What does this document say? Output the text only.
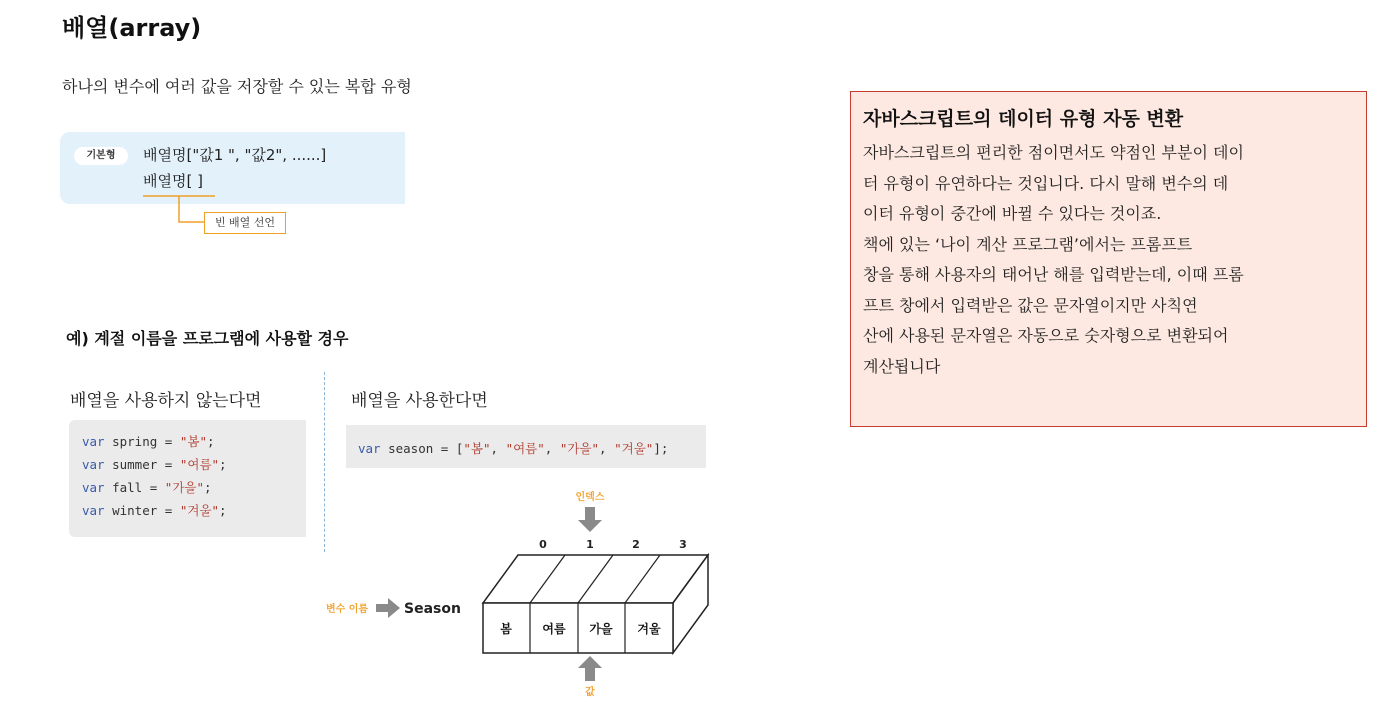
배열(array)
하나의 변수에 여러 값을 저장할 수 있는 복합 유형
기본형	배열명["값1 ", "값2", ......]
배열명[ ]
빈 배열 선언
예) 계절 이름을 프로그램에 사용할 경우
배열을 사용하지 않는다면	배열을 사용한다면
var spring = "봄";
var summer = "여름";
var fall = "가을";
var winter = "겨울";
var season = ["봄", "여름", "가을", "겨울"];
인덱스
0	1	2	3
봄	여름 가을 겨울
변수 이름	Season
값
자바스크립트의 데이터 유형 자동 변환
자바스크립트의 편리한 점이면서도 약점인 부분이 데이
터 유형이 유연하다는 것입니다. 다시 말해 변수의 데
이터 유형이 중간에 바뀔 수 있다는 것이죠.
책에 있는 ‘나이 계산 프로그램’에서는 프롬프트
창을 통해 사용자의 태어난 해를 입력받는데, 이때 프롬
프트 창에서 입력받은 값은 문자열이지만 사칙연
산에 사용된 문자열은 자동으로 숫자형으로 변환되어
계산됩니다
